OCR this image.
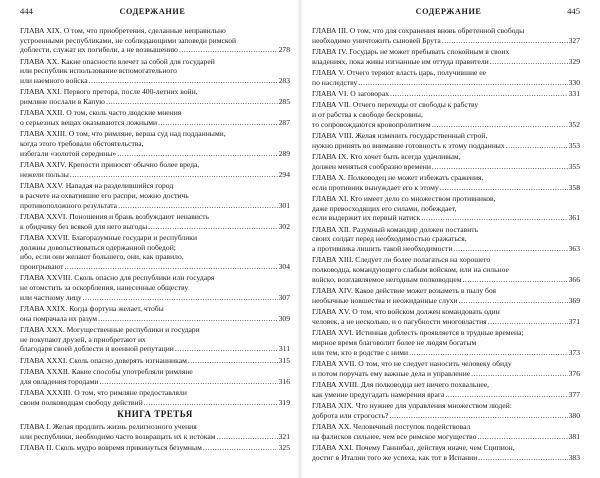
444	СОДЕРЖАНИЕ
ГЛАВА XIX. О том, что приобретения, сделанные неправильно
устроенными республиками, не соблюдающими заповеди римской
доблести, служат их погибели, а не возвышению .....	278
ГЛАВА XX. Какие опасности влечет за собой для государей
или республик использование вспомогательного
или наемного войска .....	283
ГЛАВА XXI. Первого претора, после 400-летних войн,
римляне послали в Капую .....	285
ГЛАВА XXII. О том, сколь часто людские мнения
о серьезных вещах оказываются ложными .....	287
ГЛАВА XXIII. О том, что римляне, вершa суд над подданными,
когда этого требовали обстоятельства,
избегали «золотой середины» .....	289
ГЛАВА XXIV. Крепости приносят обычно более вреда,
нежели пользы .....	294
ГЛАВА XXV. Нападая на разделившийся город
в расчете на охватившие его распри, можно достичь
противоположного результата .....	301
ГЛАВА XXVI. Поношения и брань возбуждают ненависть
к обидчику без всякой для него выгоды .....	302
ГЛАВА XXVII. Благоразумные государи и республики
должны довольствоваться одержанной победой;
ибо, если они желают большего, они, как правило,
проигрывают .....	304
ГЛАВА XXVIII. Сколь опасно для республики или государя
не отомстить за оскорбления, нанесенные обществу
или частному лицу .....	307
ГЛАВА XXIX. Когда фортуна желает, чтобы
она помрачала их разум .....	309
ГЛАВА XXX. Могущественные республики и государи
не покупают друзей, а приобретают их
благодаря своей доблести и военной репутации .....	311
ГЛАВА XXXI. Сколь опасно доверять изгнанникам .....	315
ГЛАВА XXXII. Какие способы употребляли римляне
для овладения городами .....	316
ГЛАВА XXXIII. О том, что римляне предоставляли
своим полководцам свободу действий .....	319
КНИГА ТРЕТЬЯ
ГЛАВА I. Желая продлить жизнь религиозного учения
или республики, необходимо часто возвращать их к истокам .....	321
ГЛАВА II. Сколь мудро вовремя прикинуться безумным .....	325
СОДЕРЖАНИЕ	445
ГЛАВА III. О том, что для сохранения вновь обретенной свободы
необходимо уничтожить сыновей Брута .....	327
ГЛАВА IV. Государь не может пребывать спокойным в своих
владениях, пока живы изгнанные им оттуда правители .....	329
ГЛАВА V. Отчего теряют власть царь, получившие ее
по наследству .....	330
ГЛАВА VI. О заговорах .....	331
ГЛАВА VII. Отчего переходы от свободы к рабству
и от рабства к свободе бескровны,
то сопровождаются кровопролитием .....	352
ГЛАВА VIII. Желая изменить государственный строй,
нужно принять во внимание готовность к этому подданных .....	353
ГЛАВА IX. Кто хочет быть всегда удачливым,
должен меняться сообразно времени .....	355
ГЛАВА X. Полководец не может избежать сражения,
если противник вынуждает его к этому .....	358
ГЛАВА XI. Кто имеет дело со множеством противников,
даже превосходящих его силами, побеждает,
если выдержит их первый натиск .....	361
ГЛАВА XII. Разумный командир должен поставить
своих солдат перед необходимостью сражаться,
а противника лишить такой необходимости .....	363
ГЛАВА XIII. Следует ли более полагаться на хорошего
полководца, командующего слабым войском, или на сильное
войско, возглавляемое негодным полководцем .....	366
ГЛАВА XIV. Какое действие может возыметь в пылу боя
необычные новшества и неожиданные слухи .....	369
ГЛАВА XV. О том, что войском должен командовать один
человек, а не несколько, и о пагубности многовластия .....	371
ГЛАВА XVI. Истинная доблесть проявляется в трудные времена;
мирное время благоволит более не людям богатым
или тем, кто в родстве с ними .....	373
ГЛАВА XVII. О том, что не следует наносить человеку обиду
и потом поручать ему важные дела и управление .....	376
ГЛАВА XVIII. Для полководца нет ничего похвальнее,
как умение предугадать намерения врага .....	377
ГЛАВА XIX. Что нужнее для управления множеством людей:
доброта или строгость? .....	380
ГЛАВА XX. Человечный поступок подействовал
на фалисков сильнее, чем все римское могущество .....	381
ГЛАВА XXI. Почему Ганнибал, действуя иначе, чем Сципион,
достиг в Италии того же успеха, как тот в Испании .....	383
